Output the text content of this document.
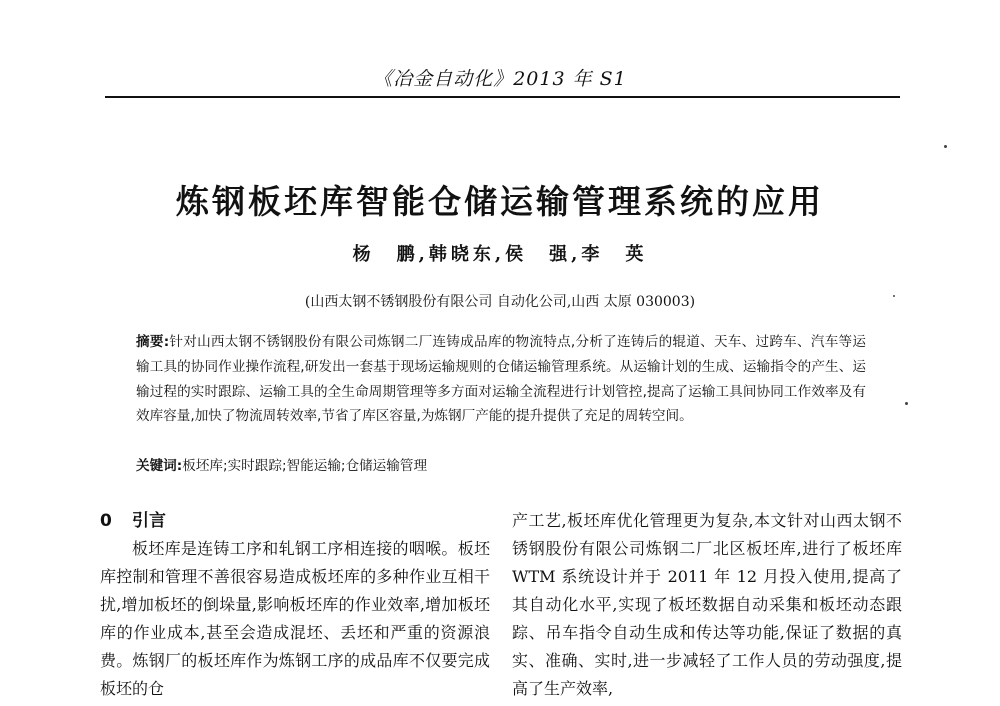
《冶金自动化》2013 年 S1
炼钢板坯库智能仓储运输管理系统的应用
杨　鹏,韩晓东,侯　强,李　英
(山西太钢不锈钢股份有限公司 自动化公司,山西 太原 030003)
摘要:针对山西太钢不锈钢股份有限公司炼钢二厂连铸成品库的物流特点,分析了连铸后的辊道、天车、过跨车、汽车等运输工具的协同作业操作流程,研发出一套基于现场运输规则的仓储运输管理系统。从运输计划的生成、运输指令的产生、运输过程的实时跟踪、运输工具的全生命周期管理等多方面对运输全流程进行计划管控,提高了运输工具间协同工作效率及有效库容量,加快了物流周转效率,节省了库区容量,为炼钢厂产能的提升提供了充足的周转空间。
关键词:板坯库;实时跟踪;智能运输;仓储运输管理
0 引言

板坯库是连铸工序和轧钢工序相连接的咽喉。板坯库控制和管理不善很容易造成板坯库的多种作业互相干扰,增加板坯的倒垛量,影响板坯库的作业效率,增加板坯库的作业成本,甚至会造成混坯、丢坯和严重的资源浪费。炼钢厂的板坯库作为炼钢工序的成品库不仅要完成板坯的仓

产工艺,板坯库优化管理更为复杂,本文针对山西太钢不锈钢股份有限公司炼钢二厂北区板坯库,进行了板坯库 WTM 系统设计并于 2011 年 12 月投入使用,提高了其自动化水平,实现了板坯数据自动采集和板坯动态跟踪、吊车指令自动生成和传达等功能,保证了数据的真实、准确、实时,进一步减轻了工作人员的劳动强度,提高了生产效率,
